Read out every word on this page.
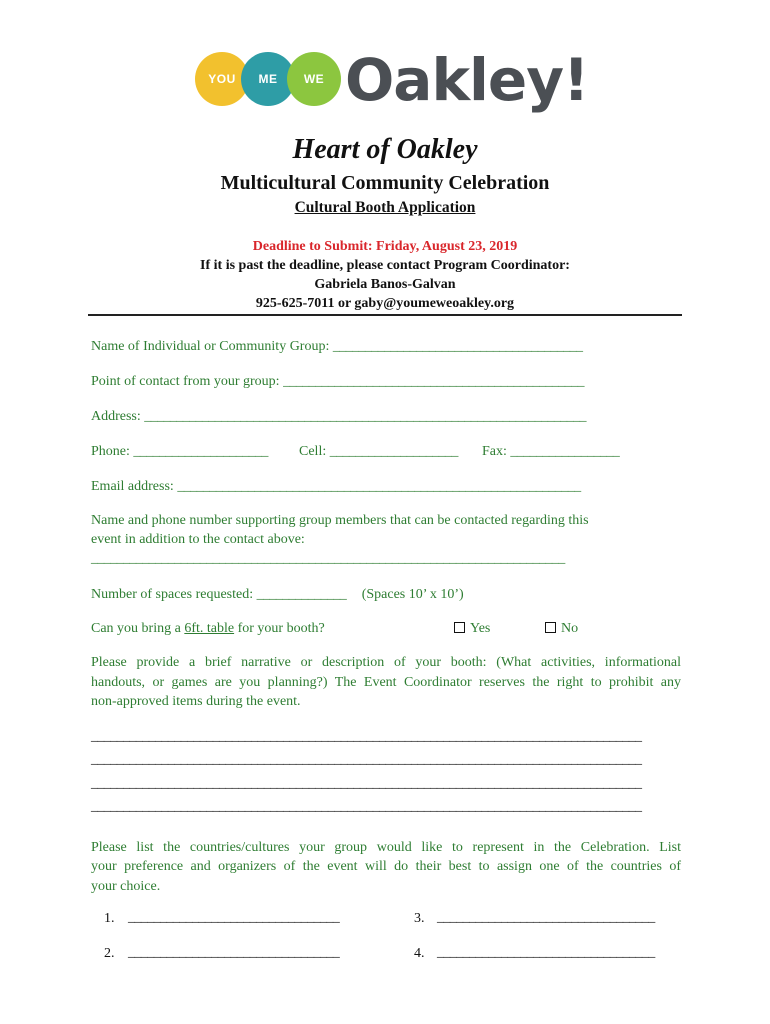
YOU	ME	WE Oakley!
Heart of Oakley
Multicultural Community Celebration
Cultural Booth Application
Deadline to Submit: Friday, August 23, 2019
If it is past the deadline, please contact Program Coordinator:
Gabriela Banos-Galvan
925-625-7011 or gaby@youmeweoakley.org
Name of Individual or Community Group: _______________________________________
Point of contact from your group: _______________________________________________
Address: _____________________________________________________________________
Phone: _____________________ Cell: ____________________ Fax: _________________
Email address: _______________________________________________________________
Name and phone number supporting group members that can be contacted regarding this
event in addition to the contact above:
__________________________________________________________________________
Number of spaces requested: ______________ (Spaces 10’ x 10’)
Can you bring a 6ft. table for your booth?	Yes	No
Please provide a brief narrative or description of your booth: (What activities, informational
handouts, or games are you planning?) The Event Coordinator reserves the right to prohibit any
non-approved items during the event.
______________________________________________________________________________________
______________________________________________________________________________________
______________________________________________________________________________________
______________________________________________________________________________________
Please list the countries/cultures your group would like to represent in the Celebration. List
your preference and organizers of the event will do their best to assign one of the countries of
your choice.
1. _________________________________	3. __________________________________
2. _________________________________	4. __________________________________
